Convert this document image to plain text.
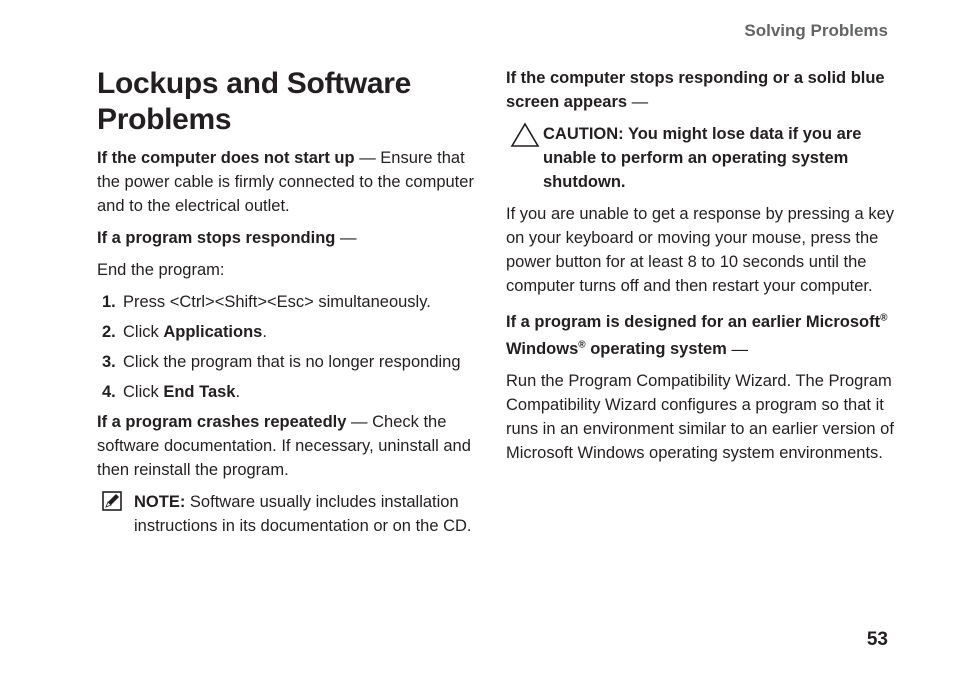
Solving Problems
Lockups and Software Problems

If the computer does not start up — Ensure that the power cable is firmly connected to the computer and to the electrical outlet.

If a program stops responding —

End the program:

1. Press <Ctrl><Shift><Esc> simultaneously.
2. Click Applications.
3. Click the program that is no longer responding
4. Click End Task.

If a program crashes repeatedly — Check the software documentation. If necessary, uninstall and then reinstall the program.

NOTE: Software usually includes installation instructions in its documentation or on the CD.

If the computer stops responding or a solid blue screen appears —

CAUTION: You might lose data if you are unable to perform an operating system shutdown.

If you are unable to get a response by pressing a key on your keyboard or moving your mouse, press the power button for at least 8 to 10 seconds until the computer turns off and then restart your computer.

If a program is designed for an earlier Microsoft® Windows® operating system —

Run the Program Compatibility Wizard. The Program Compatibility Wizard configures a program so that it runs in an environment similar to an earlier version of Microsoft Windows operating system environments.

53
